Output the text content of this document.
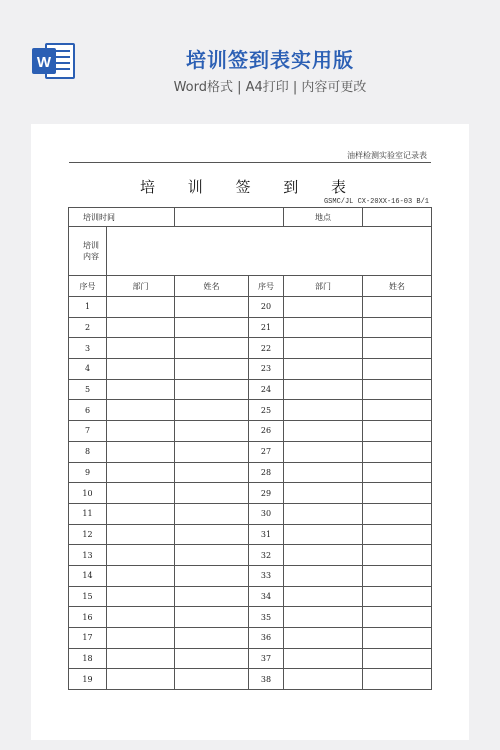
W	培训签到表实用版
Word格式 | A4打印 | 内容可更改
油样检测实验室记录表
培 训 签 到 表
GSMC/JL CX-20XX-16-03 B/1
培训时间				地点	
培训内容					
序号	部门	姓名	序号	部门	姓名
1			20		
2			21		
3			22		
4			23		
5			24		
6			25		
7			26		
8			27		
9			28		
10			29		
11			30		
12			31		
13			32		
14			33		
15			34		
16			35		
17			36		
18			37		
19			38		
